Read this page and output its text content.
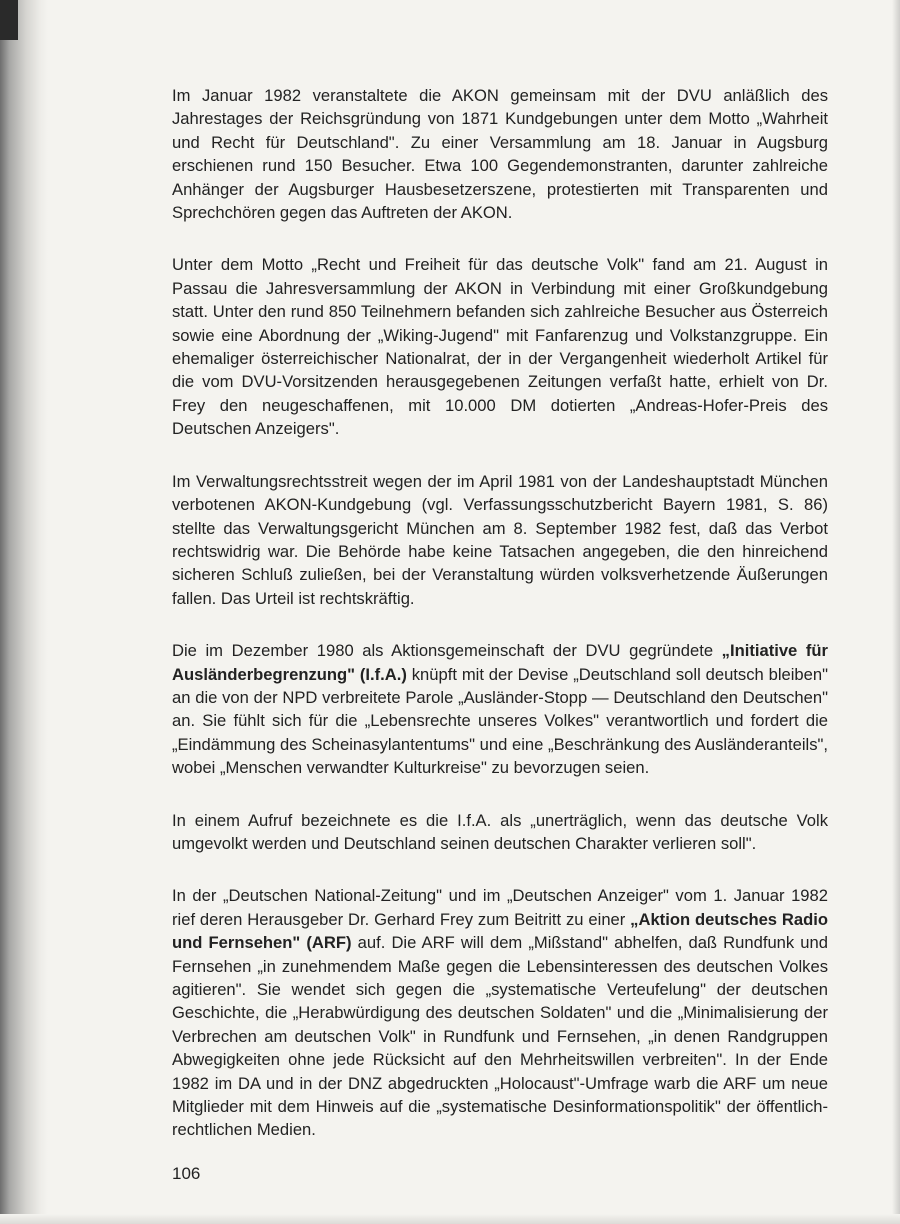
Im Januar 1982 veranstaltete die AKON gemeinsam mit der DVU anläßlich des Jahrestages der Reichsgründung von 1871 Kundgebungen unter dem Motto „Wahrheit und Recht für Deutschland". Zu einer Versammlung am 18. Januar in Augsburg erschienen rund 150 Besucher. Etwa 100 Gegendemonstranten, darunter zahlreiche Anhänger der Augsburger Hausbesetzerszene, protestierten mit Transparenten und Sprechchören gegen das Auftreten der AKON.

Unter dem Motto „Recht und Freiheit für das deutsche Volk" fand am 21. August in Passau die Jahresversammlung der AKON in Verbindung mit einer Großkundgebung statt. Unter den rund 850 Teilnehmern befanden sich zahlreiche Besucher aus Österreich sowie eine Abordnung der „Wiking-Jugend" mit Fanfarenzug und Volkstanzgruppe. Ein ehemaliger österreichischer Nationalrat, der in der Vergangenheit wiederholt Artikel für die vom DVU-Vorsitzenden herausgegebenen Zeitungen verfaßt hatte, erhielt von Dr. Frey den neugeschaffenen, mit 10.000 DM dotierten „Andreas-Hofer-Preis des Deutschen Anzeigers".

Im Verwaltungsrechtsstreit wegen der im April 1981 von der Landeshauptstadt München verbotenen AKON-Kundgebung (vgl. Verfassungsschutzbericht Bayern 1981, S. 86) stellte das Verwaltungsgericht München am 8. September 1982 fest, daß das Verbot rechtswidrig war. Die Behörde habe keine Tatsachen angegeben, die den hinreichend sicheren Schluß zuließen, bei der Veranstaltung würden volksverhetzende Äußerungen fallen. Das Urteil ist rechtskräftig.

Die im Dezember 1980 als Aktionsgemeinschaft der DVU gegründete „Initiative für Ausländerbegrenzung" (I.f.A.) knüpft mit der Devise „Deutschland soll deutsch bleiben" an die von der NPD verbreitete Parole „Ausländer-Stopp — Deutschland den Deutschen" an. Sie fühlt sich für die „Lebensrechte unseres Volkes" verantwortlich und fordert die „Eindämmung des Scheinasylantentums" und eine „Beschränkung des Ausländeranteils", wobei „Menschen verwandter Kulturkreise" zu bevorzugen seien.

In einem Aufruf bezeichnete es die I.f.A. als „unerträglich, wenn das deutsche Volk umgevolkt werden und Deutschland seinen deutschen Charakter verlieren soll".

In der „Deutschen National-Zeitung" und im „Deutschen Anzeiger" vom 1. Januar 1982 rief deren Herausgeber Dr. Gerhard Frey zum Beitritt zu einer „Aktion deutsches Radio und Fernsehen" (ARF) auf. Die ARF will dem „Mißstand" abhelfen, daß Rundfunk und Fernsehen „in zunehmendem Maße gegen die Lebensinteressen des deutschen Volkes agitieren". Sie wendet sich gegen die „systematische Verteufelung" der deutschen Geschichte, die „Herabwürdigung des deutschen Soldaten" und die „Minimalisierung der Verbrechen am deutschen Volk" in Rundfunk und Fernsehen, „in denen Randgruppen Abwegigkeiten ohne jede Rücksicht auf den Mehrheitswillen verbreiten". In der Ende 1982 im DA und in der DNZ abgedruckten „Holocaust"-Umfrage warb die ARF um neue Mitglieder mit dem Hinweis auf die „systematische Desinformationspolitik" der öffentlich-rechtlichen Medien.

106
